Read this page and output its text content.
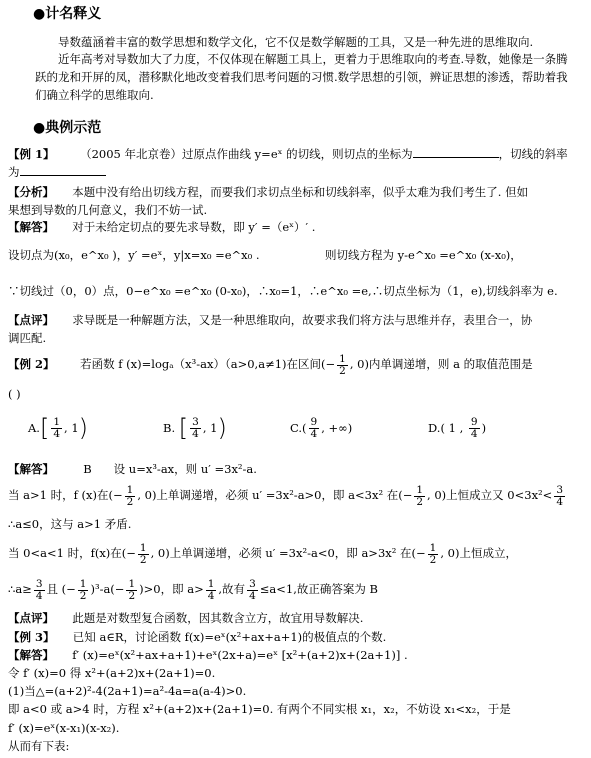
●计名释义
导数蕴涵着丰富的数学思想和数学文化，它不仅是数学解题的工具，又是一种先进的思维取向.
近年高考对导数加大了力度，不仅体现在解题工具上，更着力于思维取向的考查.导数，她像是一条腾
跃的龙和开屏的凤，潜移默化地改变着我们思考问题的习惯.数学思想的引领，辨证思想的渗透，帮助着我
们确立科学的思维取向.
●典例示范
【例 1】 （2005 年北京卷）过原点作曲线 y=eˣ 的切线，则切点的坐标为	，切线的斜率
为
【分析】 本题中没有给出切线方程，而要我们求切点坐标和切线斜率，似乎太难为我们考生了. 但如
果想到导数的几何意义，我们不妨一试.
【解答】 对于未给定切点的要先求导数，即 y′ =（eˣ）′ .
设切点为(x₀，e^x₀ )，y′ =eˣ，y|x=x₀ =e^x₀ .	则切线方程为 y-e^x₀ =e^x₀ (x-x₀)，
∵切线过（0，0）点，0−e^x₀ =e^x₀ (0-x₀)，∴x₀=1，∴e^x₀ =e,∴切点坐标为（1，e),切线斜率为 e.
【点评】 求导既是一种解题方法，又是一种思维取向，故要求我们将方法与思维并存，表里合一，协
调匹配.
【例 2】 若函数 f (x)=logₐ（x³-ax）（a>0,a≠1)在区间(− $\frac{1}{2}$ , 0)内单调递增，则 a 的取值范围是
( )
A. [ $\frac{1}{4}$ , 1 )	B.
[ $\frac{3}{4}$ , 1 )	$C.( \frac{9}{4}$ , +∞)	D.( 1 ,
$\frac{9}{4}$ )
【解答】	B 设 u=x³-ax，则 u′ =3x²-a.
当 a>1 时，f (x)在(− $\frac{1}{2}$ , 0)上单调递增，必须 u′ =3x²-a>0，即 a<3x² 在(− $\frac{1}{2}$ , 0)上恒成立又 $0<3x^2< \frac{3}{4}$
∴a≤0，这与 a>1 矛盾.
当 0<a<1 时，f(x)在(− $\frac{1}{2}$ , 0)上单调递增，必须 u′ =3x²-a<0，即 a>3x² 在(− $\frac{1}{2}$ , 0)上恒成立，
∴a≥ $\frac{3}{4}$ 且 (− $\frac{1}{2} )^3-a(- \frac{1}{2} )>0$，即 $a> \frac{1}{4}$ ,故有 $\frac{3}{4} \le a<1$,故正确答案为 B
【点评】 此题是对数型复合函数，因其数含立方，故宜用导数解决.
【例 3】 已知 a∈R，讨论函数 f(x)=eˣ(x²+ax+a+1)的极值点的个数.
【解答】 f′ (x)=eˣ(x²+ax+a+1)+eˣ(2x+a)=eˣ [x²+(a+2)x+(2a+1)] .
令 f′ (x)=0 得 x²+(a+2)x+(2a+1)=0.
(1)当△=(a+2)²-4(2a+1)=a²-4a=a(a-4)>0.
即 a<0 或 a>4 时，方程 x²+(a+2)x+(2a+1)=0. 有两个不同实根 x₁，x₂，不妨设 x₁<x₂，于是
f′ (x)=eˣ(x-x₁)(x-x₂).
从而有下表:
